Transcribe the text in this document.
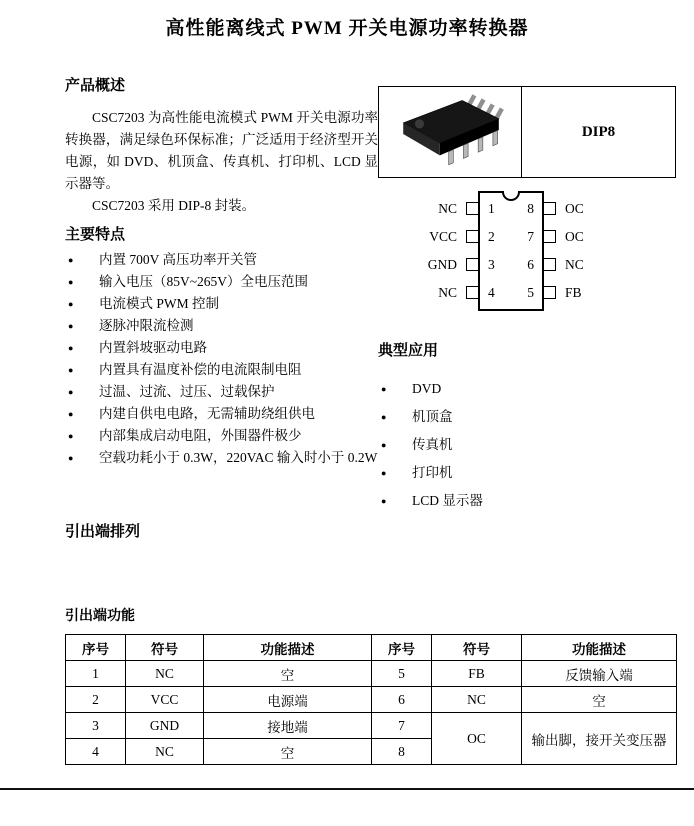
高性能离线式 PWM 开关电源功率转换器
产品概述

CSC7203 为高性能电流模式 PWM 开关电源功率转换器，满足绿色环保标准；广泛适用于经济型开关电源，如 DVD、机顶盒、传真机、打印机、LCD 显示器等。

CSC7203 采用 DIP-8 封装。

主要特点
●
内置 700V 高压功率开关管
●
输入电压（85V~265V）全电压范围
●
电流模式 PWM 控制
●
逐脉冲限流检测
●
内置斜坡驱动电路
●
内置具有温度补偿的电流限制电阻
●
过温、过流、过压、过载保护
●
内建自供电电路，无需辅助绕组供电
●
内部集成启动电阻，外围器件极少
●
空载功耗小于 0.3W，220VAC 输入时小于 0.2W
DIP8
1
2
3
4
8
7
6
5
NC
VCC
GND
NC
OC
OC
NC
FB
典型应用
●
DVD
●
机顶盒
●
传真机
●
打印机
●
LCD 显示器
引出端排列
引出端功能
序号	符号	功能描述	序号	符号	功能描述
1	NC	空	5	FB	反馈输入端
2	VCC	电源端	6	NC	空
3	GND	接地端	7	OC	输出脚，接开关变压器
4	NC	空	8		
